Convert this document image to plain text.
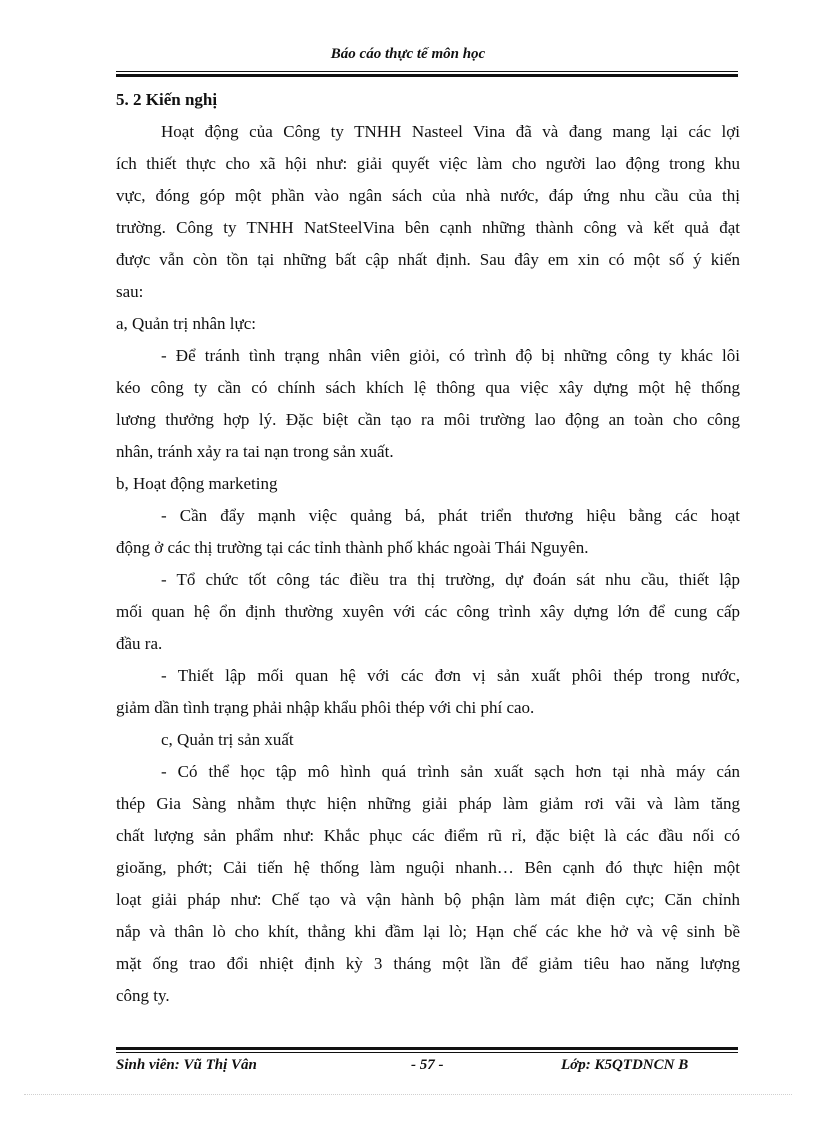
Báo cáo thực tế môn học
5. 2 Kiến nghị
Hoạt động của Công ty TNHH Nasteel Vina đã và đang mang lại các lợi
ích thiết thực cho xã hội như: giải quyết việc làm cho người lao động trong khu
vực, đóng góp một phần vào ngân sách của nhà nước, đáp ứng nhu cầu của thị
trường. Công ty TNHH NatSteelVina bên cạnh những thành công và kết quả đạt
được vẫn còn tồn tại những bất cập nhất định. Sau đây em xin có một số ý kiến
sau:
a, Quản trị nhân lực:
- Để tránh tình trạng nhân viên giỏi, có trình độ bị những công ty khác lôi
kéo công ty cần có chính sách khích lệ thông qua việc xây dựng một hệ thống
lương thưởng hợp lý. Đặc biệt cần tạo ra môi trường lao động an toàn cho công
nhân, tránh xảy ra tai nạn trong sản xuất.
b, Hoạt động marketing
- Cần đẩy mạnh việc quảng bá, phát triển thương hiệu bằng các hoạt
động ở các thị trường tại các tỉnh thành phố khác ngoài Thái Nguyên.
- Tổ chức tốt công tác điều tra thị trường, dự đoán sát nhu cầu, thiết lập
mối quan hệ ổn định thường xuyên với các công trình xây dựng lớn để cung cấp
đầu ra.
- Thiết lập mối quan hệ với các đơn vị sản xuất phôi thép trong nước,
giảm dần tình trạng phải nhập khẩu phôi thép với chi phí cao.
c, Quản trị sản xuất
- Có thể học tập mô hình quá trình sản xuất sạch hơn tại nhà máy cán
thép Gia Sàng nhằm thực hiện những giải pháp làm giảm rơi vãi và làm tăng
chất lượng sản phẩm như: Khắc phục các điểm rũ rỉ, đặc biệt là các đầu nối có
gioăng, phớt; Cải tiến hệ thống làm nguội nhanh… Bên cạnh đó thực hiện một
loạt giải pháp như: Chế tạo và vận hành bộ phận làm mát điện cực; Căn chỉnh
nắp và thân lò cho khít, thẳng khi đầm lại lò; Hạn chế các khe hở và vệ sinh bề
mặt ống trao đổi nhiệt định kỳ 3 tháng một lần để giảm tiêu hao năng lượng
công ty.
Sinh viên: Vũ Thị Vân	- 57 -	Lớp: K5QTDNCN B
